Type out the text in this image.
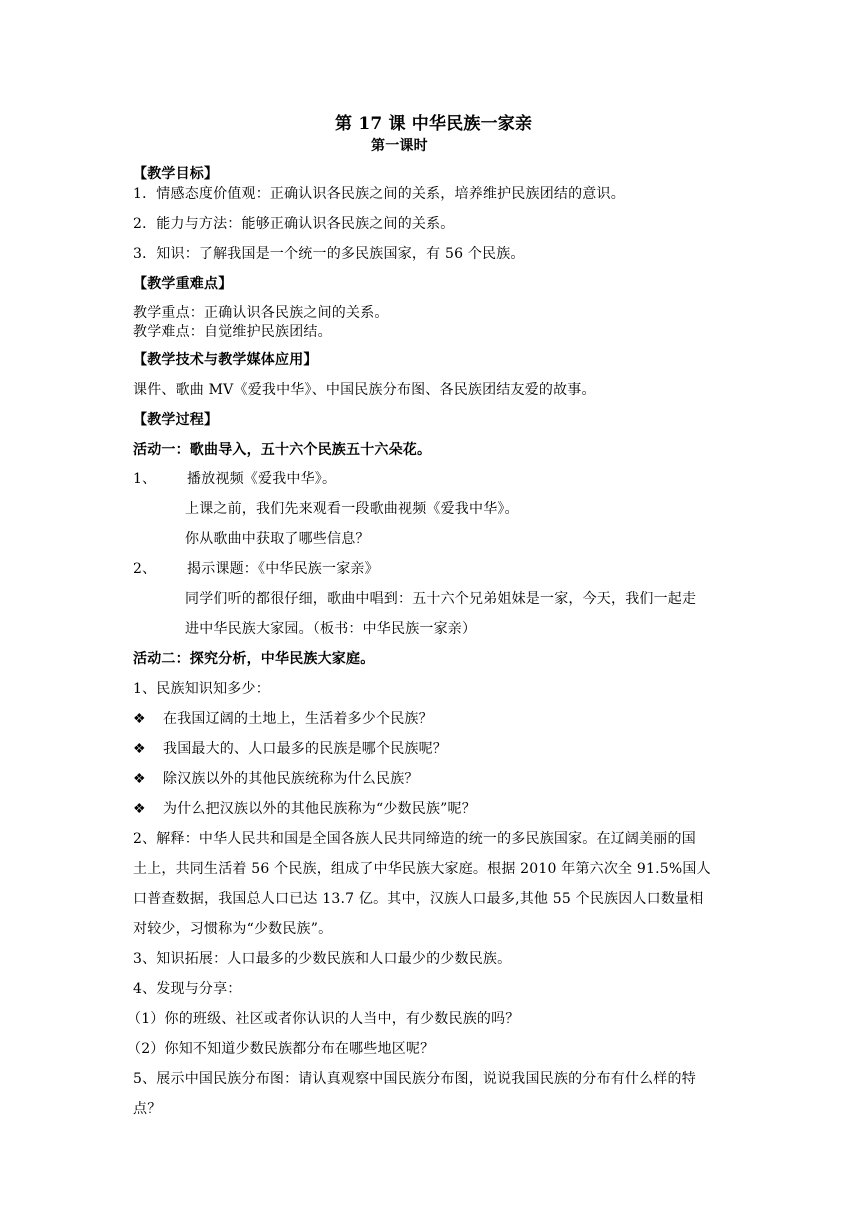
第 17 课 中华民族一家亲
第一课时
【教学目标】
1．情感态度价值观：正确认识各民族之间的关系，培养维护民族团结的意识。
2．能力与方法：能够正确认识各民族之间的关系。
3．知识：了解我国是一个统一的多民族国家，有 56 个民族。
【教学重难点】
教学重点：正确认识各民族之间的关系。
教学难点：自觉维护民族团结。
【教学技术与教学媒体应用】
课件、歌曲 MV《爱我中华》、中国民族分布图、各民族团结友爱的故事。
【教学过程】
活动一：歌曲导入，五十六个民族五十六朵花。
1、 播放视频《爱我中华》。
上课之前，我们先来观看一段歌曲视频《爱我中华》。
你从歌曲中获取了哪些信息？
2、 揭示课题：《中华民族一家亲》
同学们听的都很仔细，歌曲中唱到：五十六个兄弟姐妹是一家，今天，我们一起走
进中华民族大家园。（板书：中华民族一家亲）
活动二：探究分析，中华民族大家庭。
1、民族知识知多少：
❖ 在我国辽阔的土地上，生活着多少个民族？
❖ 我国最大的、人口最多的民族是哪个民族呢？
❖ 除汉族以外的其他民族统称为什么民族？
❖ 为什么把汉族以外的其他民族称为“少数民族”呢？
2、解释：中华人民共和国是全国各族人民共同缔造的统一的多民族国家。在辽阔美丽的国
土上，共同生活着 56 个民族，组成了中华民族大家庭。根据 2010 年第六次全 91.5%国人
口普查数据，我国总人口已达 13.7 亿。其中，汉族人口最多,其他 55 个民族因人口数量相
对较少，习惯称为“少数民族”。
3、知识拓展：人口最多的少数民族和人口最少的少数民族。
4、发现与分享：
（1）你的班级、社区或者你认识的人当中，有少数民族的吗？
（2）你知不知道少数民族都分布在哪些地区呢？
5、展示中国民族分布图：请认真观察中国民族分布图，说说我国民族的分布有什么样的特
点？
